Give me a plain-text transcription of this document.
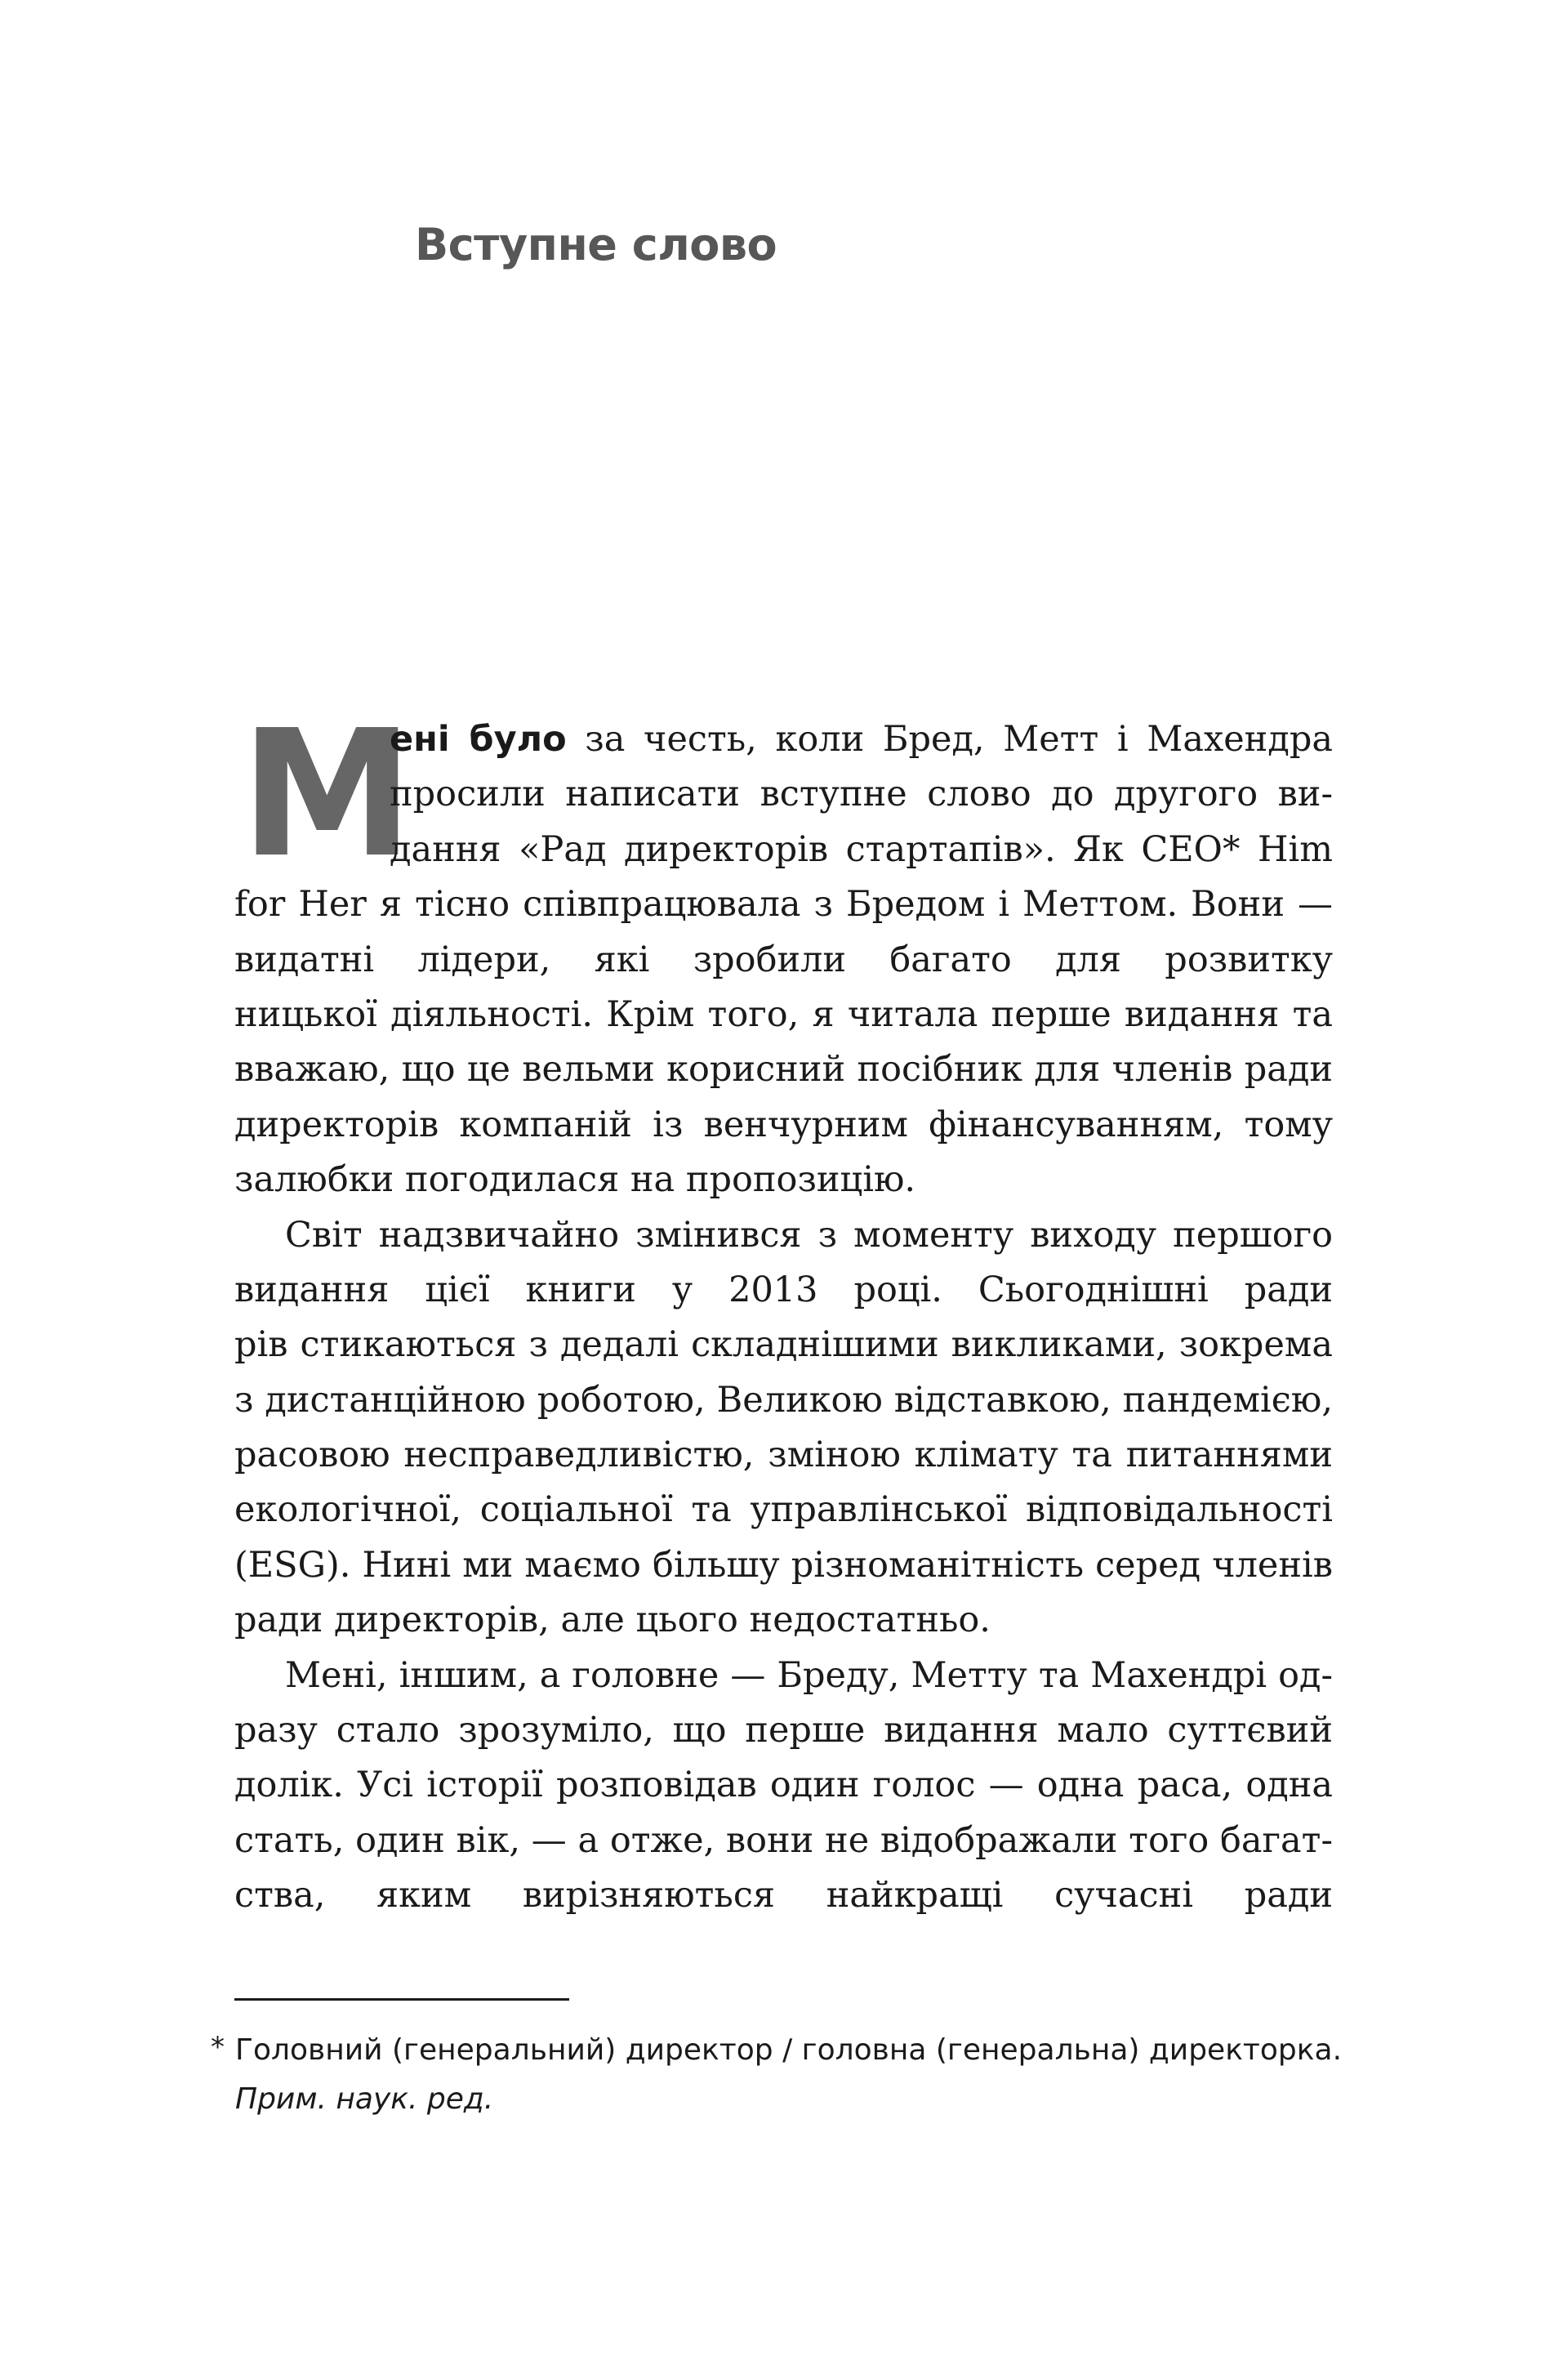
Вступне слово
М
ені було за честь, коли Бред, Метт і Махендра
просили написати вступне слово до другого ви-
дання «Рад директорів стартапів». Як CEO* Him
for Her я тісно співпрацювала з Бредом і Меттом. Вони —
видатні лідери, які зробили багато для розвитку
ницької діяльності. Крім того, я читала перше видання та
вважаю, що це вельми корисний посібник для членів ради
директорів компаній із венчурним фінансуванням, тому
залюбки погодилася на пропозицію.
Світ надзвичайно змінився з моменту виходу першого
видання цієї книги у 2013 році. Сьогоднішні ради
рів стикаються з дедалі складнішими викликами, зокрема
з дистанційною роботою, Великою відставкою, пандемією,
расовою несправедливістю, зміною клімату та питаннями
екологічної, соціальної та управлінської відповідальності
(ESG). Нині ми маємо більшу різноманітність серед членів
ради директорів, але цього недостатньо.
Мені, іншим, а головне — Бреду, Метту та Махендрі од-
разу стало зрозуміло, що перше видання мало суттєвий
долік. Усі історії розповідав один голос — одна раса, одна
стать, один вік, — а отже, вони не відображали того багат-
ства, яким вирізняються найкращі сучасні ради
* Головний (генеральний) директор / головна (генеральна) директорка.
Прим. наук. ред.
